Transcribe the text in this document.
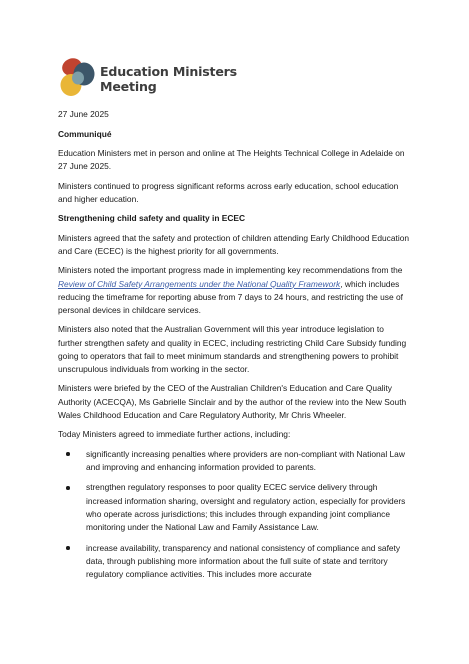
Education Ministers
Meeting

27 June 2025

Communiqué

Education Ministers met in person and online at The Heights Technical College in Adelaide on 27 June 2025.

Ministers continued to progress significant reforms across early education, school education and higher education.

Strengthening child safety and quality in ECEC

Ministers agreed that the safety and protection of children attending Early Childhood Education and Care (ECEC) is the highest priority for all governments.

Ministers noted the important progress made in implementing key recommendations from the Review of Child Safety Arrangements under the National Quality Framework, which includes reducing the timeframe for reporting abuse from 7 days to 24 hours, and restricting the use of personal devices in childcare services.

Ministers also noted that the Australian Government will this year introduce legislation to further strengthen safety and quality in ECEC, including restricting Child Care Subsidy funding going to operators that fail to meet minimum standards and strengthening powers to prohibit unscrupulous individuals from working in the sector.

Ministers were briefed by the CEO of the Australian Children's Education and Care Quality Authority (ACECQA), Ms Gabrielle Sinclair and by the author of the review into the New South Wales Childhood Education and Care Regulatory Authority, Mr Chris Wheeler.

Today Ministers agreed to immediate further actions, including:

significantly increasing penalties where providers are non-compliant with National Law and improving and enhancing information provided to parents.
strengthen regulatory responses to poor quality ECEC service delivery through increased information sharing, oversight and regulatory action, especially for providers who operate across jurisdictions; this includes through expanding joint compliance monitoring under the National Law and Family Assistance Law.
increase availability, transparency and national consistency of compliance and safety data, through publishing more information about the full suite of state and territory regulatory compliance activities. This includes more accurate
